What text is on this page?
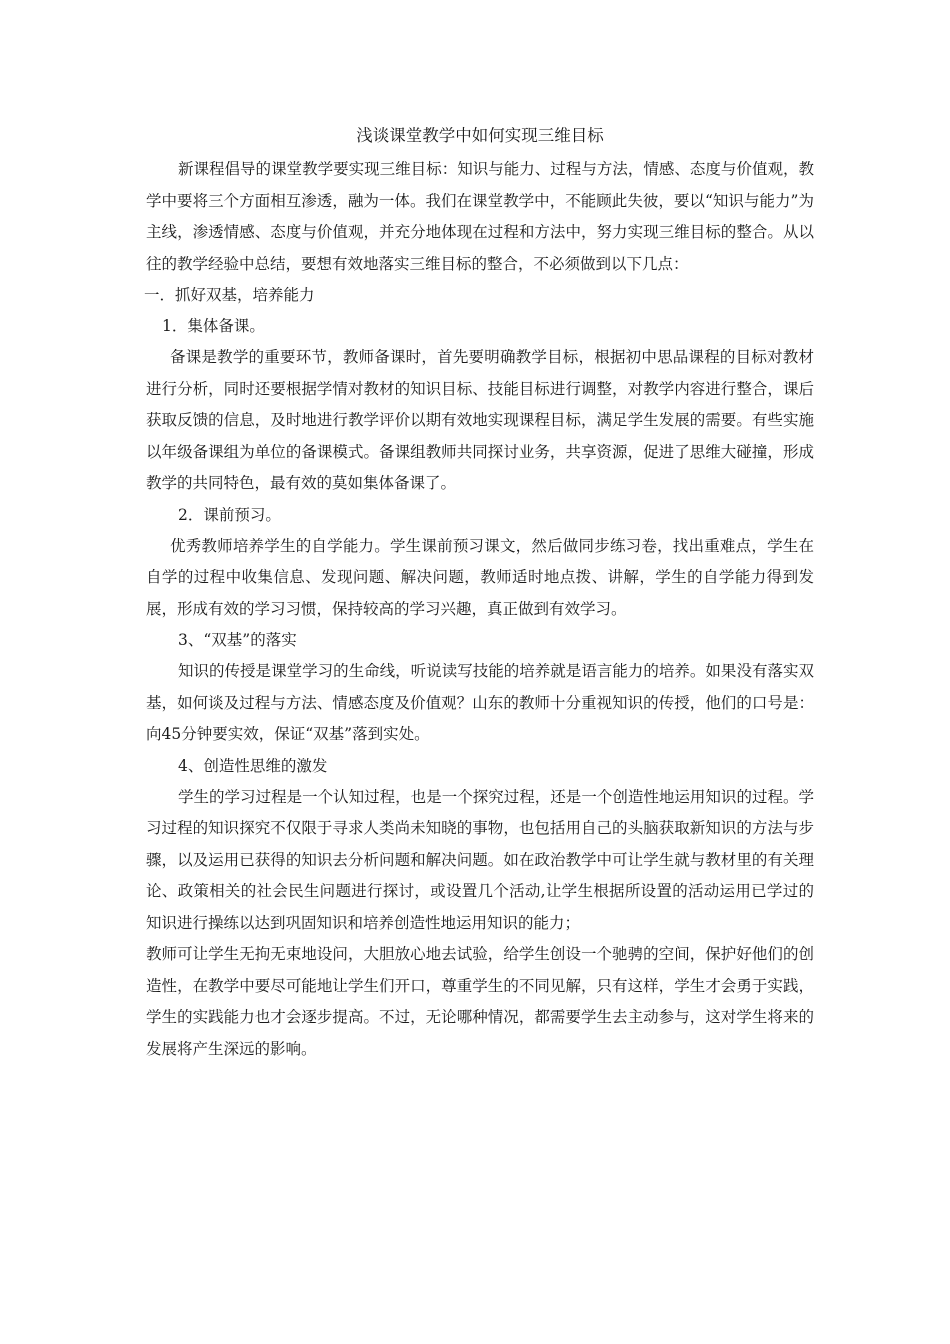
浅谈课堂教学中如何实现三维目标

新课程倡导的课堂教学要实现三维目标：知识与能力、过程与方法，情感、态度与价值观，教学中要将三个方面相互渗透，融为一体。我们在课堂教学中，不能顾此失彼，要以“知识与能力”为主线，渗透情感、态度与价值观，并充分地体现在过程和方法中，努力实现三维目标的整合。从以往的教学经验中总结，要想有效地落实三维目标的整合，不必须做到以下几点：

一．抓好双基，培养能力
1．集体备课。

备课是教学的重要环节，教师备课时，首先要明确教学目标，根据初中思品课程的目标对教材进行分析，同时还要根据学情对教材的知识目标、技能目标进行调整，对教学内容进行整合，课后获取反馈的信息，及时地进行教学评价以期有效地实现课程目标，满足学生发展的需要。有些实施以年级备课组为单位的备课模式。备课组教师共同探讨业务，共享资源，促进了思维大碰撞，形成教学的共同特色，最有效的莫如集体备课了。

2．课前预习。

优秀教师培养学生的自学能力。学生课前预习课文，然后做同步练习卷，找出重难点，学生在自学的过程中收集信息、发现问题、解决问题，教师适时地点拨、讲解，学生的自学能力得到发展，形成有效的学习习惯，保持较高的学习兴趣，真正做到有效学习。

3、“双基”的落实

知识的传授是课堂学习的生命线，听说读写技能的培养就是语言能力的培养。如果没有落实双基，如何谈及过程与方法、情感态度及价值观？山东的教师十分重视知识的传授，他们的口号是：向45分钟要实效，保证“双基”落到实处。

4、创造性思维的激发

学生的学习过程是一个认知过程，也是一个探究过程，还是一个创造性地运用知识的过程。学习过程的知识探究不仅限于寻求人类尚未知晓的事物，也包括用自己的头脑获取新知识的方法与步骤，以及运用已获得的知识去分析问题和解决问题。如在政治教学中可让学生就与教材里的有关理论、政策相关的社会民生问题进行探讨，或设置几个活动,让学生根据所设置的活动运用已学过的知识进行操练以达到巩固知识和培养创造性地运用知识的能力；

教师可让学生无拘无束地设问，大胆放心地去试验，给学生创设一个驰骋的空间，保护好他们的创造性，在教学中要尽可能地让学生们开口，尊重学生的不同见解，只有这样，学生才会勇于实践，学生的实践能力也才会逐步提高。不过，无论哪种情况，都需要学生去主动参与，这对学生将来的发展将产生深远的影响。
